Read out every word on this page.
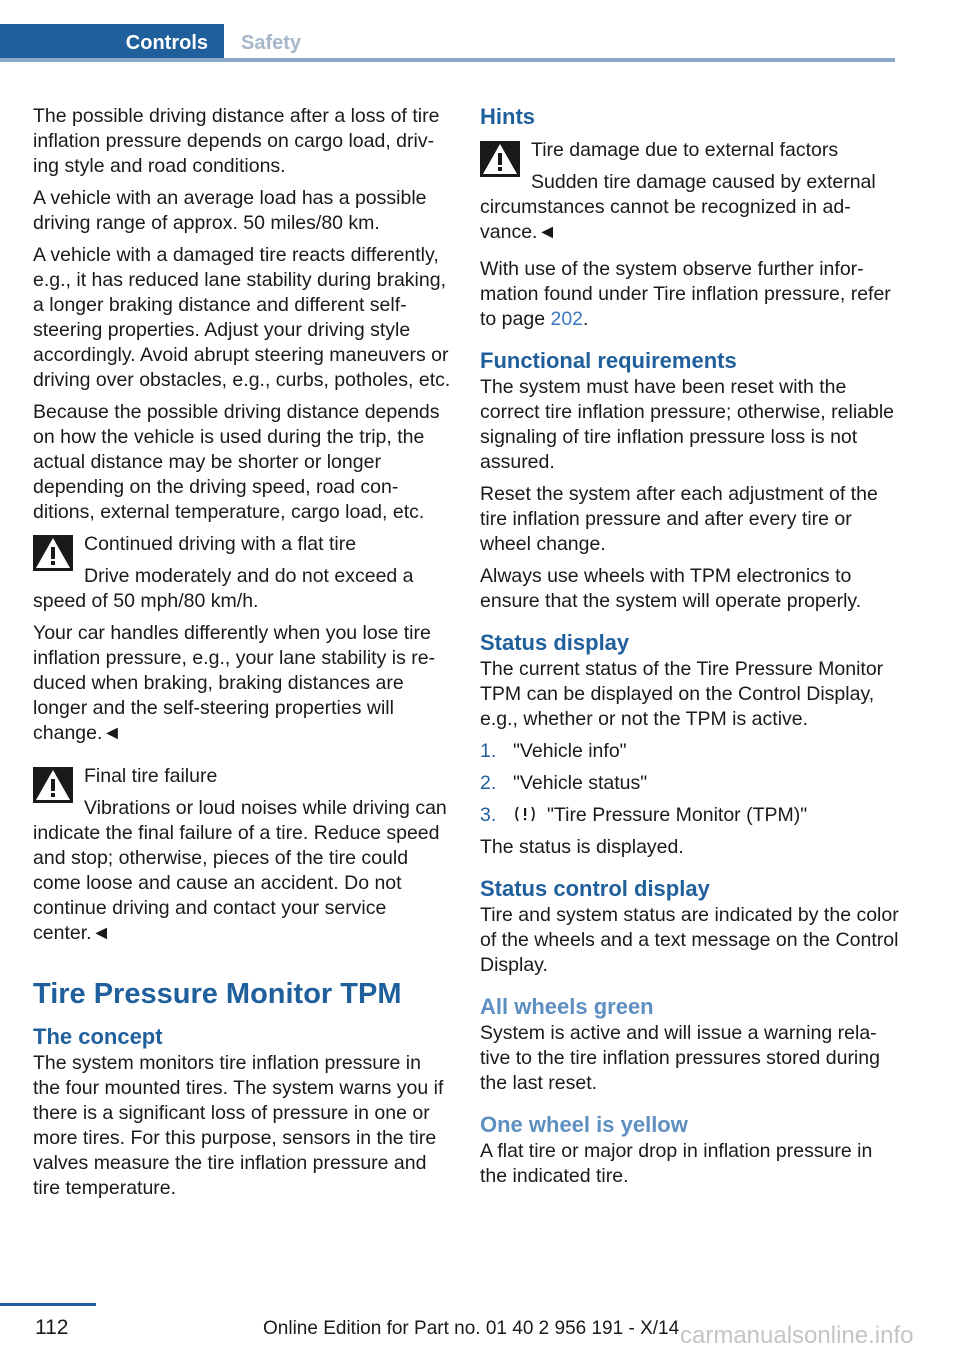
Controls	Safety

The possible driving distance after a loss of tire inflation pressure depends on cargo load, driving style and road conditions.

A vehicle with an average load has a possible driving range of approx. 50 miles/80 km.

A vehicle with a damaged tire reacts differently, e.g., it has reduced lane stability during braking, a longer braking distance and different self-steering properties. Adjust your driving style accordingly. Avoid abrupt steering maneuvers or driving over obstacles, e.g., curbs, potholes, etc.

Because the possible driving distance depends on how the vehicle is used during the trip, the actual distance may be shorter or longer depending on the driving speed, road conditions, external temperature, cargo load, etc.

Continued driving with a flat tire
Drive moderately and do not exceed a speed of 50 mph/80 km/h.

Your car handles differently when you lose tire inflation pressure, e.g., your lane stability is reduced when braking, braking distances are longer and the self-steering properties will change.◄

Final tire failure
Vibrations or loud noises while driving can indicate the final failure of a tire. Reduce speed and stop; otherwise, pieces of the tire could come loose and cause an accident. Do not continue driving and contact your service center.◄
Tire Pressure Monitor TPM
The concept

The system monitors tire inflation pressure in the four mounted tires. The system warns you if there is a significant loss of pressure in one or more tires. For this purpose, sensors in the tire valves measure the tire inflation pressure and tire temperature.

Hints
Tire damage due to external factors
Sudden tire damage caused by external circumstances cannot be recognized in advance.◄

With use of the system observe further information found under Tire inflation pressure, refer to page 202.

Functional requirements

The system must have been reset with the correct tire inflation pressure; otherwise, reliable signaling of tire inflation pressure loss is not assured.

Reset the system after each adjustment of the tire inflation pressure and after every tire or wheel change.

Always use wheels with TPM electronics to ensure that the system will operate properly.

Status display

The current status of the Tire Pressure Monitor TPM can be displayed on the Control Display, e.g., whether or not the TPM is active.

1. "Vehicle info"
2. "Vehicle status"
3.	"Tire Pressure Monitor (TPM)"

The status is displayed.

Status control display

Tire and system status are indicated by the color of the wheels and a text message on the Control Display.

All wheels green

System is active and will issue a warning relative to the tire inflation pressures stored during the last reset.

One wheel is yellow

A flat tire or major drop in inflation pressure in the indicated tire.

112	Online Edition for Part no. 01 40 2 956 191 - X/14 carmanualsonline.info
